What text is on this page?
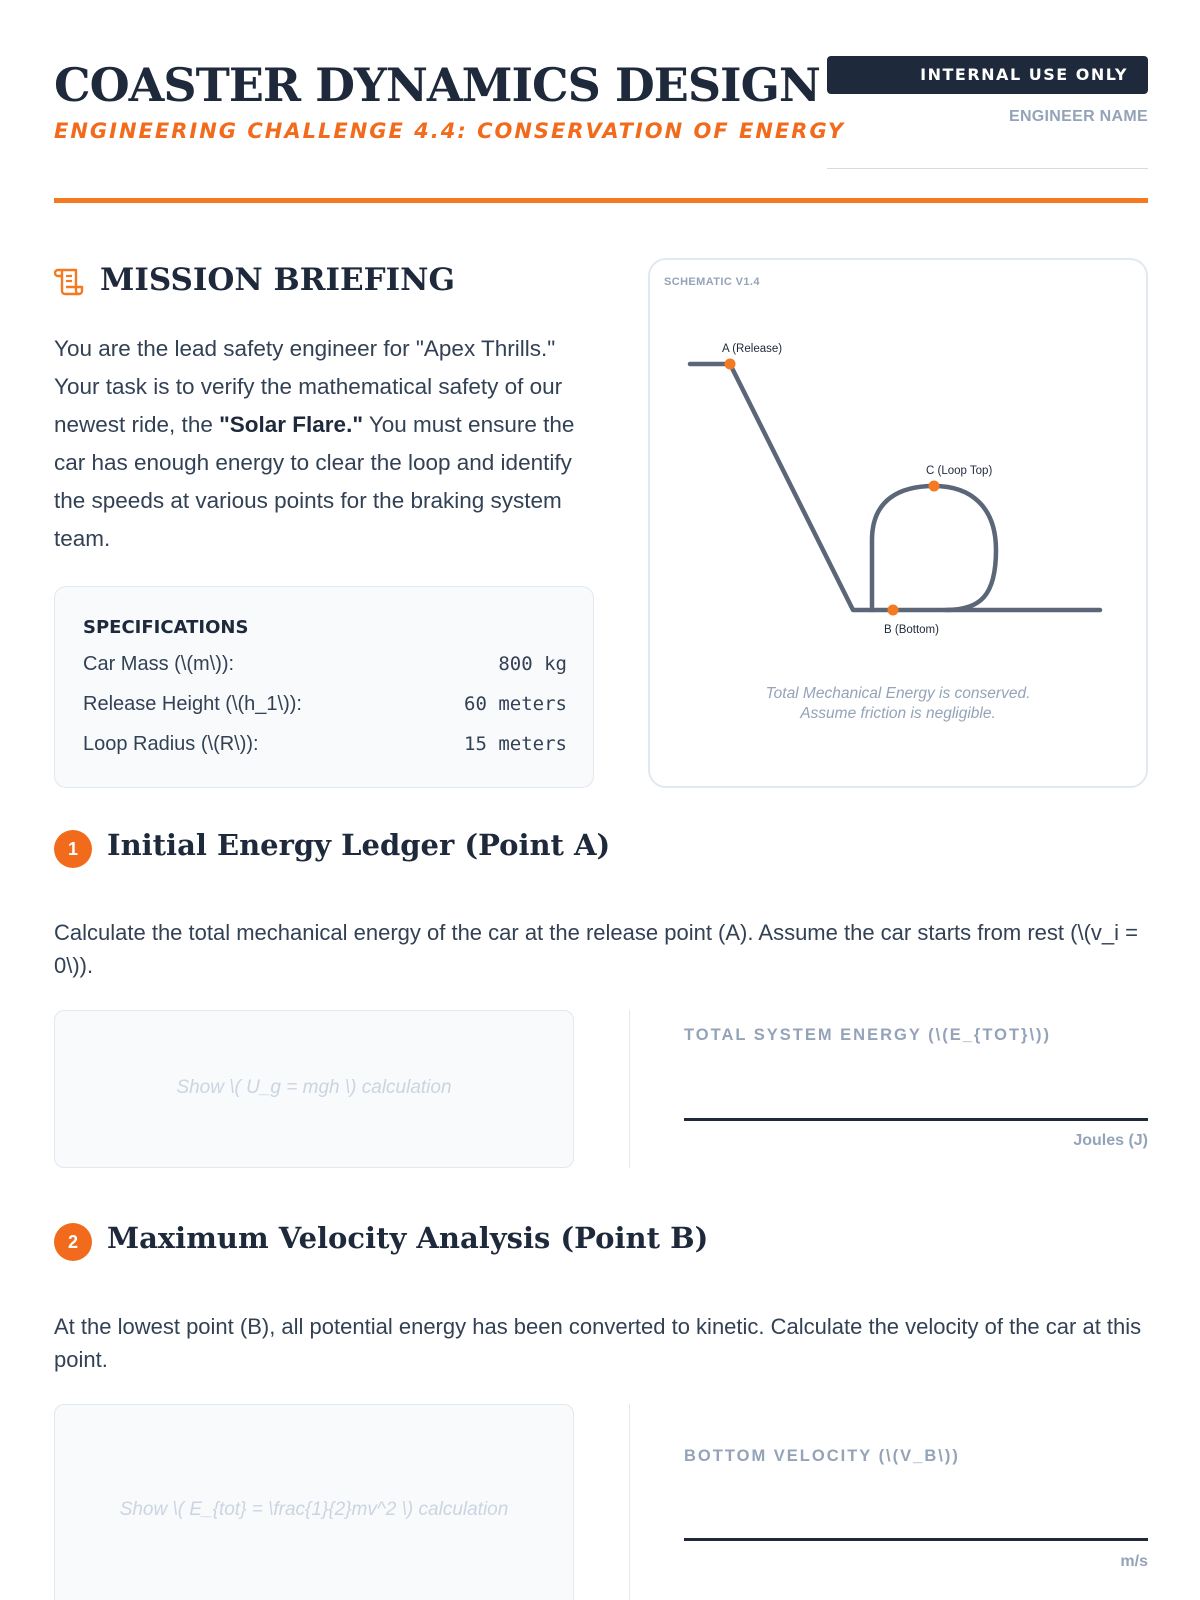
COASTER DYNAMICS DESIGN
ENGINEERING CHALLENGE 4.4: CONSERVATION OF ENERGY
INTERNAL USE ONLY
ENGINEER NAME
MISSION BRIEFING
You are the lead safety engineer for "Apex Thrills." Your task is to verify the mathematical safety of our newest ride, the "Solar Flare." You must ensure the car has enough energy to clear the loop and identify the speeds at various points for the braking system team.
SPECIFICATIONS
Car Mass (\(m\)):	800 kg
Release Height (\(h_1\)):	60 meters
Loop Radius (\(R\)):	15 meters
SCHEMATIC V1.4
A (Release)
C (Loop Top)
B (Bottom)
Total Mechanical Energy is conserved.
Assume friction is negligible.
1	Initial Energy Ledger (Point A)
Calculate the total mechanical energy of the car at the release point (A). Assume the car starts from rest (\(v_i = 0\)).
Show \( U_g = mgh \) calculation
TOTAL SYSTEM ENERGY (\(E_{TOT}\))
Joules (J)
2	Maximum Velocity Analysis (Point B)
At the lowest point (B), all potential energy has been converted to kinetic. Calculate the velocity of the car at this point.
Show \( E_{tot} = \frac{1}{2}mv^2 \) calculation
BOTTOM VELOCITY (\(V_B\))
m/s
